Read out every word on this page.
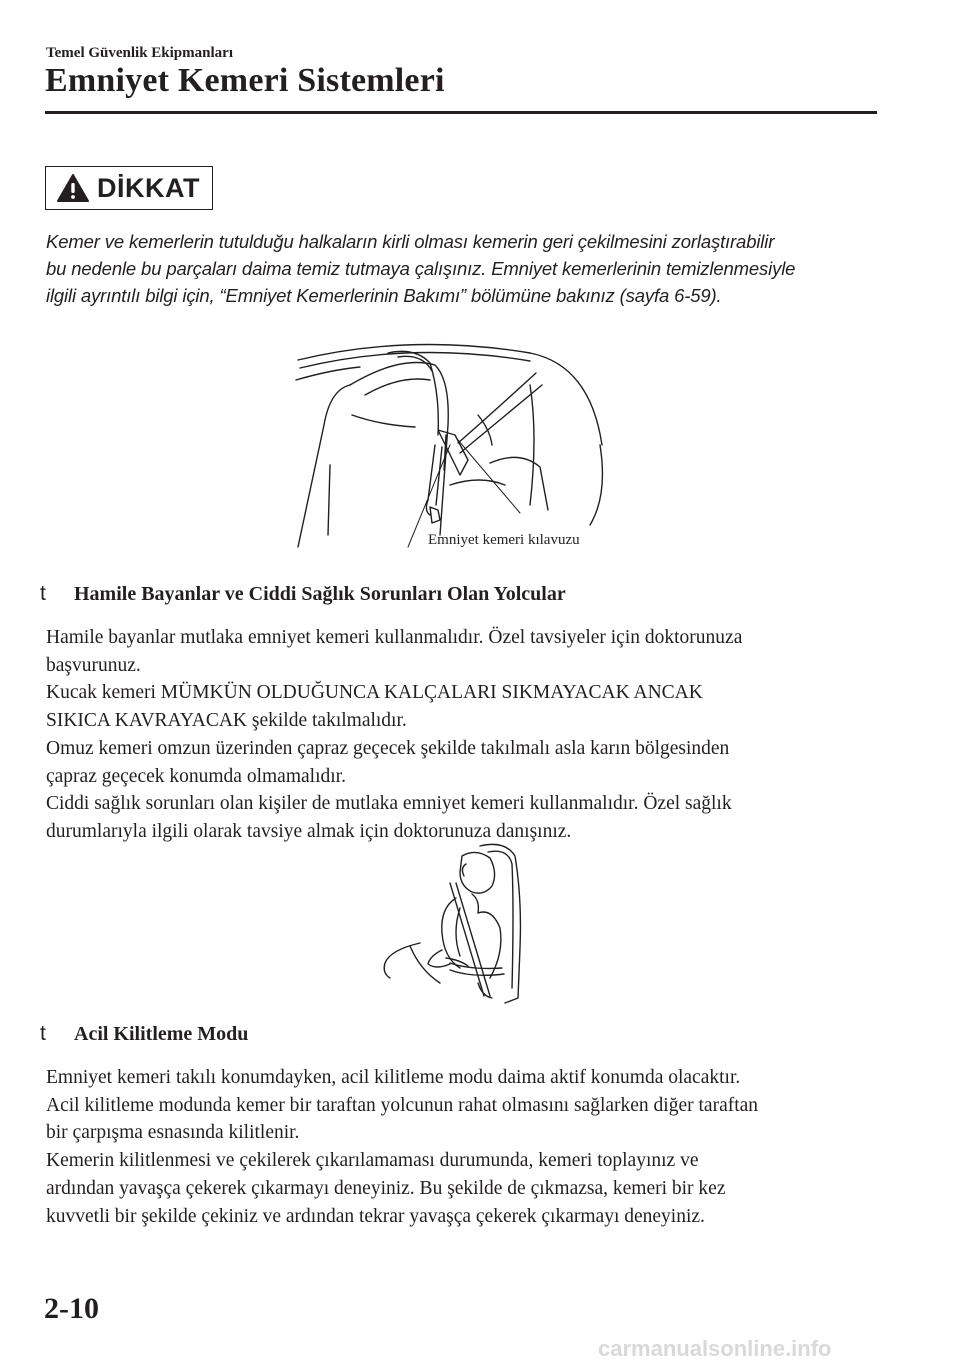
Temel Güvenlik Ekipmanları
Emniyet Kemeri Sistemleri
DİKKAT

Kemer ve kemerlerin tutulduğu halkaların kirli olması kemerin geri çekilmesini zorlaştırabilir

bu nedenle bu parçaları daima temiz tutmaya çalışınız. Emniyet kemerlerinin temizlenmesiyle

ilgili ayrıntılı bilgi için, “Emniyet Kemerlerinin Bakımı” bölümüne bakınız (sayfa 6-59).

Emniyet kemeri kılavuzu
t	Hamile Bayanlar ve Ciddi Sağlık Sorunları Olan Yolcular

Hamile bayanlar mutlaka emniyet kemeri kullanmalıdır. Özel tavsiyeler için doktorunuza

başvurunuz.

Kucak kemeri MÜMKÜN OLDUĞUNCA KALÇALARI SIKMAYACAK ANCAK

SIKICA KAVRAYACAK şekilde takılmalıdır.

Omuz kemeri omzun üzerinden çapraz geçecek şekilde takılmalı asla karın bölgesinden

çapraz geçecek konumda olmamalıdır.

Ciddi sağlık sorunları olan kişiler de mutlaka emniyet kemeri kullanmalıdır. Özel sağlık

durumlarıyla ilgili olarak tavsiye almak için doktorunuza danışınız.

t	Acil Kilitleme Modu

Emniyet kemeri takılı konumdayken, acil kilitleme modu daima aktif konumda olacaktır.

Acil kilitleme modunda kemer bir taraftan yolcunun rahat olmasını sağlarken diğer taraftan

bir çarpışma esnasında kilitlenir.

Kemerin kilitlenmesi ve çekilerek çıkarılamaması durumunda, kemeri toplayınız ve

ardından yavaşça çekerek çıkarmayı deneyiniz. Bu şekilde de çıkmazsa, kemeri bir kez

kuvvetli bir şekilde çekiniz ve ardından tekrar yavaşça çekerek çıkarmayı deneyiniz.

2-10
carmanualsonline.info
